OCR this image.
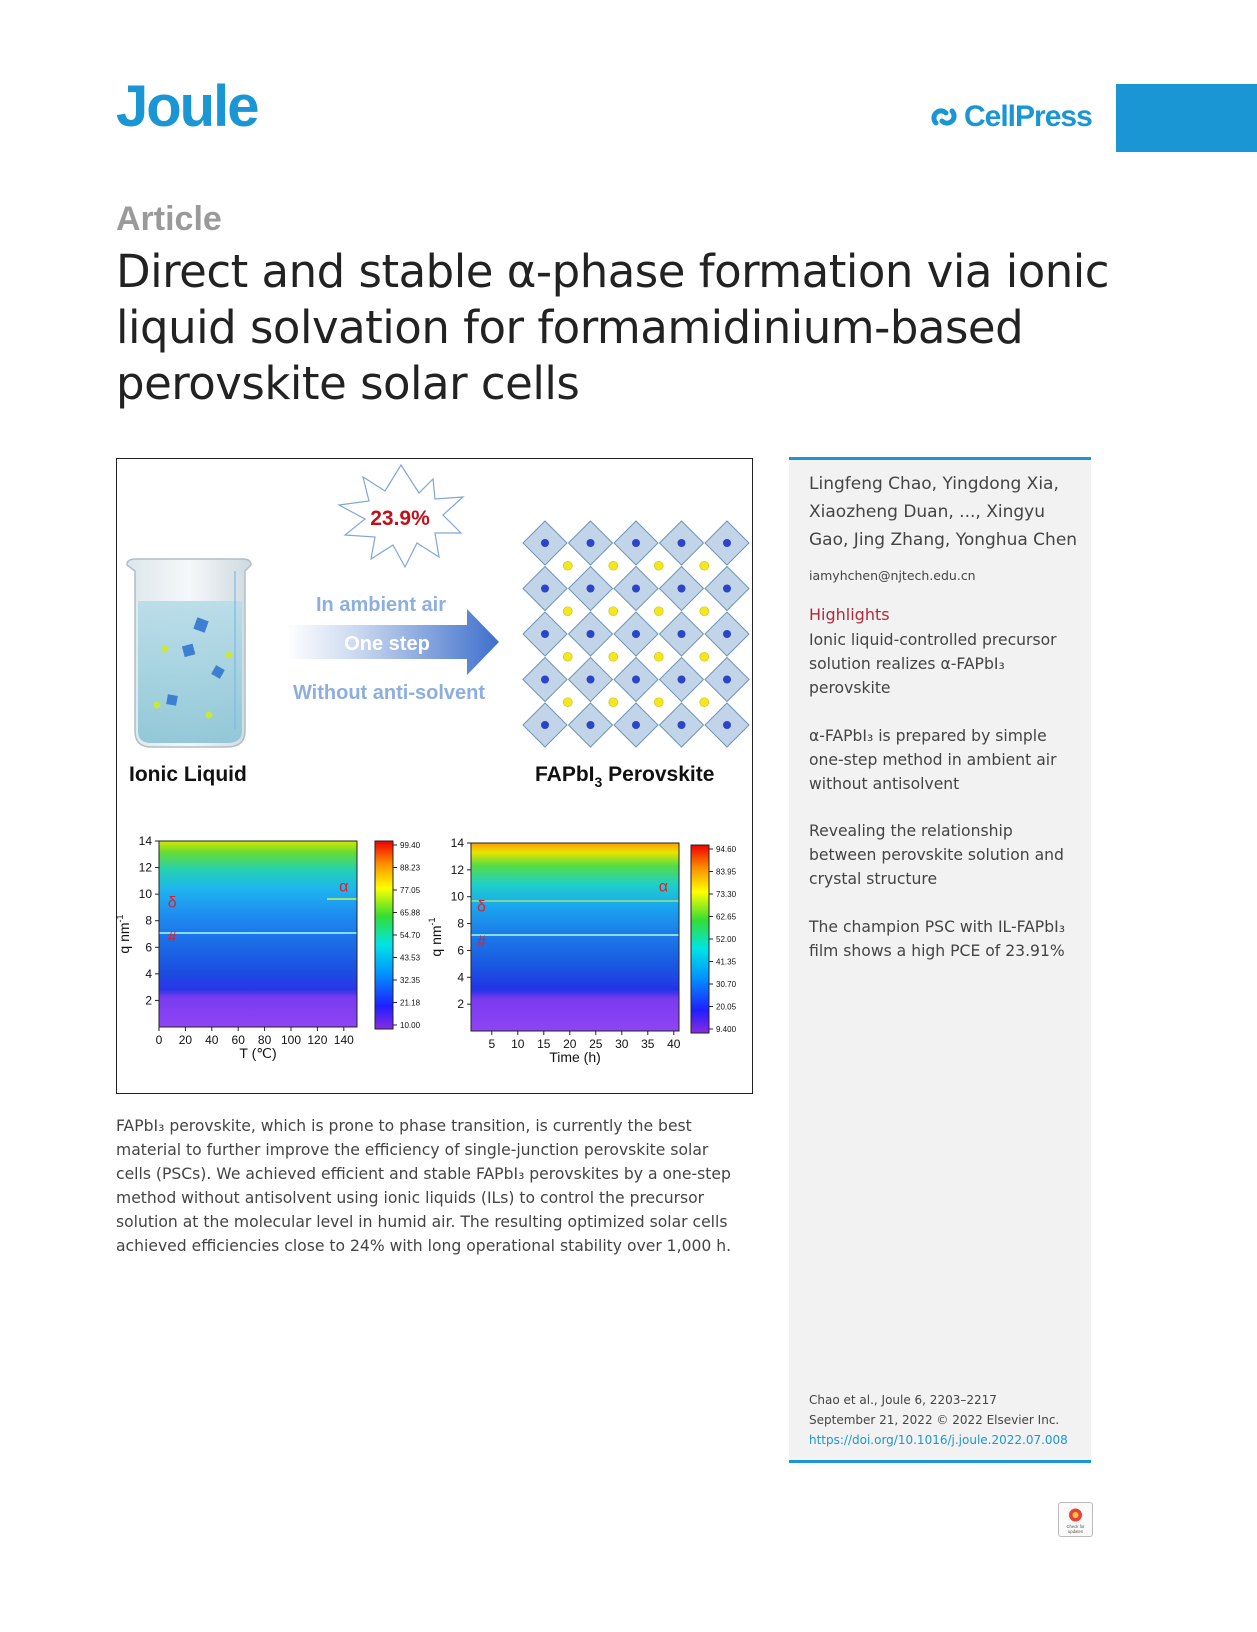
Joule	CellPress
Article
Direct and stable α-phase formation via ionic liquid solvation for formamidinium-based perovskite solar cells
23.9%
In ambient air
One step
Without anti-solvent
Ionic Liquid	FAPbI$_3$ Perovskite
0 20 40 60 80 100 120 140
2
4
6
8
10
12
14
T (℃)
q $nm^{-1}$
α
δ
#
99.40
88.23
77.05
65.88
54.70
43.53
32.35
21.18
10.00
5 10 15 20 25 30 35 40
2
4
6
8
10
12
14
Time (h)
q $nm^{-1}$
α
δ
#
94.60
83.95
73.30
62.65
52.00
41.35
30.70
20.05
9.400

FAPbI₃ perovskite, which is prone to phase transition, is currently the best material to further improve the efficiency of single-junction perovskite solar cells (PSCs). We achieved efficient and stable FAPbI₃ perovskites by a one-step method without antisolvent using ionic liquids (ILs) to control the precursor solution at the molecular level in humid air. The resulting optimized solar cells achieved efficiencies close to 24% with long operational stability over 1,000 h.

Lingfeng Chao, Yingdong Xia, Xiaozheng Duan, ..., Xingyu Gao, Jing Zhang, Yonghua Chen

iamyhchen@njtech.edu.cn
Highlights

Ionic liquid-controlled precursor solution realizes α-FAPbI₃ perovskite

α-FAPbI₃ is prepared by simple one-step method in ambient air without antisolvent

Revealing the relationship between perovskite solution and crystal structure

The champion PSC with IL-FAPbI₃ film shows a high PCE of 23.91%

Chao et al., Joule 6, 2203–2217
September 21, 2022 © 2022 Elsevier Inc.
https://doi.org/10.1016/j.joule.2022.07.008
Check for
updates
